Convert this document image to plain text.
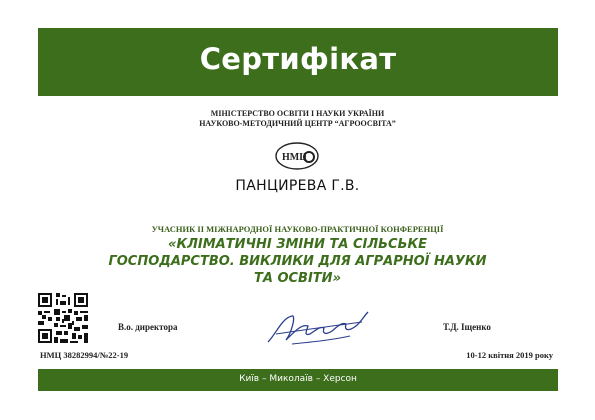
Сертифікат
МІНІСТЕРСТВО ОСВІТИ І НАУКИ УКРАЇНИ
НАУКОВО-МЕТОДИЧНИЙ ЦЕНТР “АГРООСВІТА”
НМЦ
ПАНЦИРЕВА Г.В.
УЧАСНИК ІІ МІЖНАРОДНОЇ НАУКОВО-ПРАКТИЧНОЇ КОНФЕРЕНЦІЇ
«КЛІМАТИЧНІ ЗМІНИ ТА СІЛЬСЬКЕ
ГОСПОДАРСТВО. ВИКЛИКИ ДЛЯ АГРАРНОЇ НАУКИ
ТА ОСВІТИ»
В.о. директора	Т.Д. Іщенко
НМЦ 38282994/№22-19	10-12 квітня 2019 року
Київ – Миколаїв – Херсон
